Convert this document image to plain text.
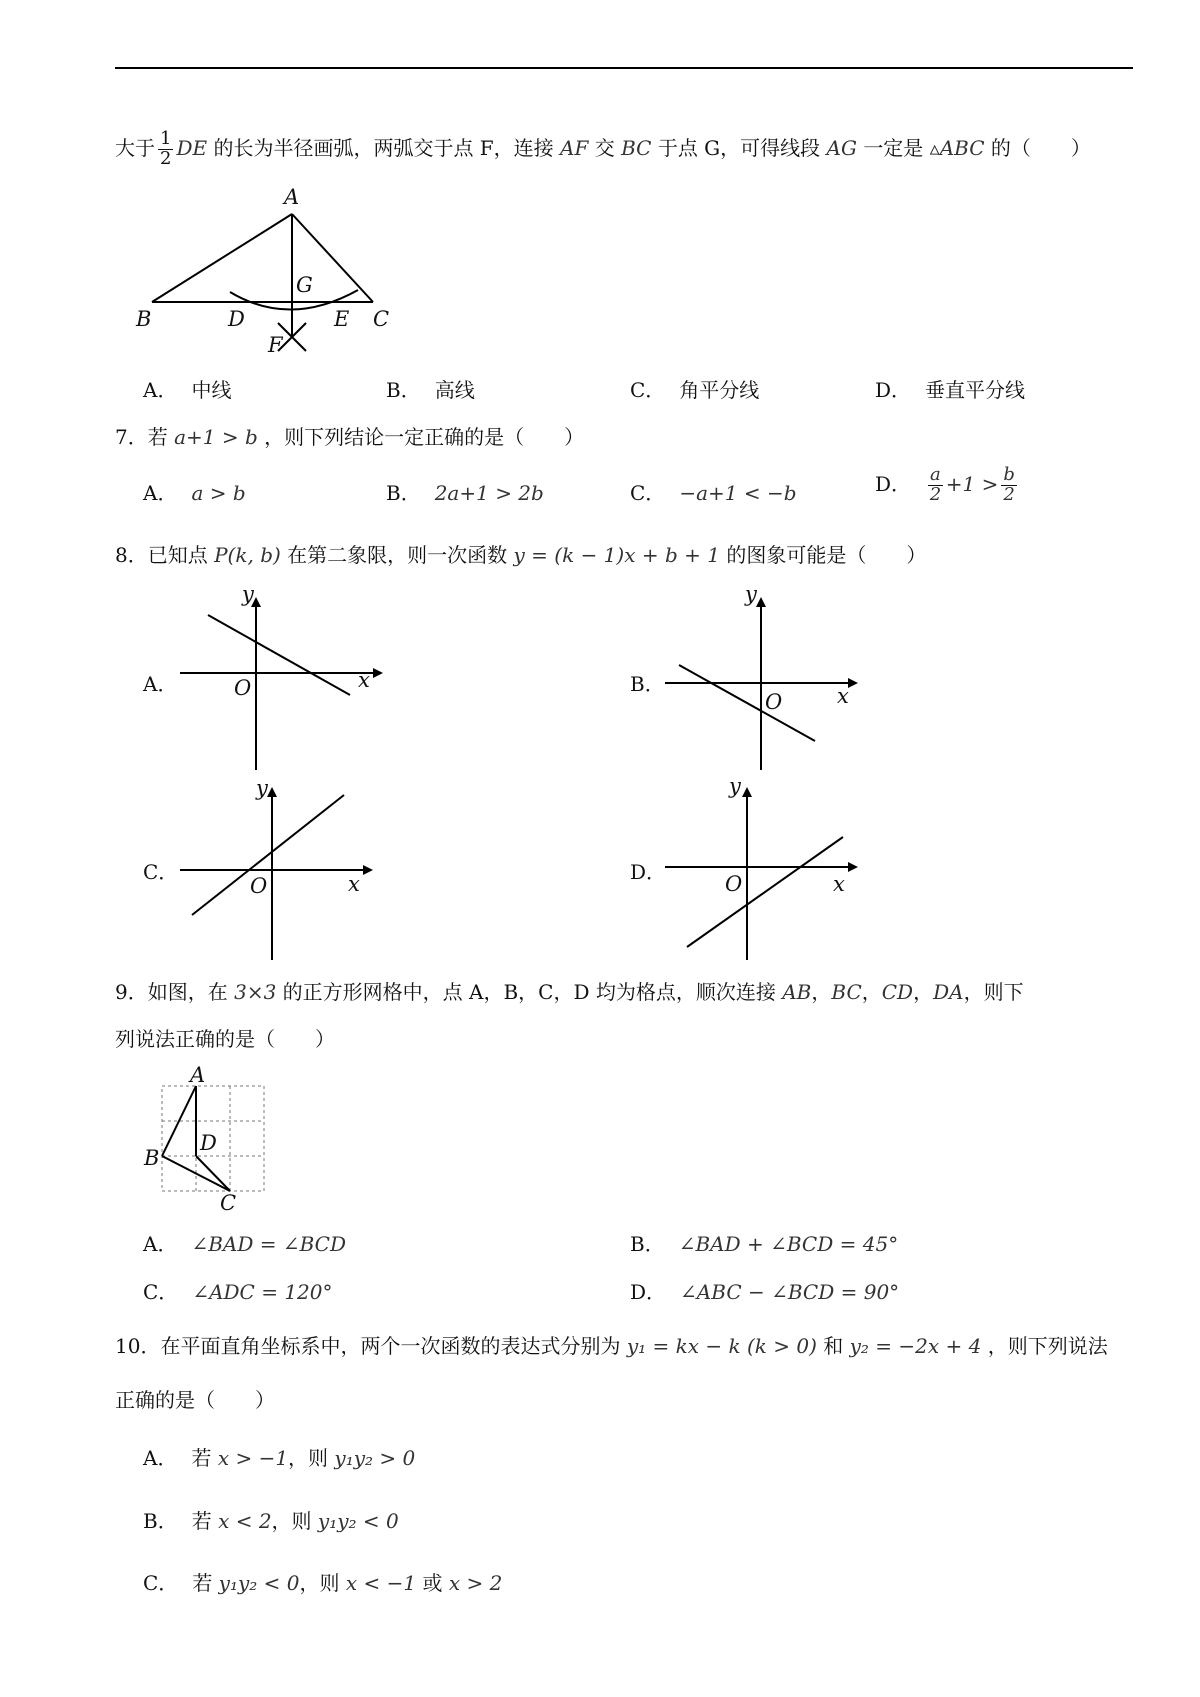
大于 $\frac{1}{2}$ DE 的长为半径画弧，两弧交于点 F，连接 AF 交 BC 于点 G，可得线段 AG 一定是 ▵ABC 的（　　）
A
B	C
D	E
F
G
A． 中线	B． 高线	C． 角平分线	D． 垂直平分线
7．若 a+1 > b ，则下列结论一定正确的是（　　）
A． a > b	B． 2a+1 > 2b	C． −a+1 < −b	D． $\frac{a}{2} +1 > \frac{b}{2}$
8．已知点 P(k, b) 在第二象限，则一次函数 y = (k − 1)x + b + 1 的图象可能是（　　）
A．	B．
C．	D．
y
x
O
y
x
O
y
x
O
y
x
O
9．如图，在 3×3 的正方形网格中，点 A，B，C，D 均为格点，顺次连接 AB，BC，CD，DA，则下
列说法正确的是（　　）
A
B
C
D
A． ∠BAD = ∠BCD	B． ∠BAD + ∠BCD = 45°
C． ∠ADC = 120°	D． ∠ABC − ∠BCD = 90°
10．在平面直角坐标系中，两个一次函数的表达式分别为 y₁ = kx − k (k > 0) 和 y₂ = −2x + 4 ，则下列说法
正确的是（　　）
A． 若 x > −1，则 y₁y₂ > 0
B． 若 x < 2，则 y₁y₂ < 0
C． 若 y₁y₂ < 0，则 x < −1 或 x > 2
